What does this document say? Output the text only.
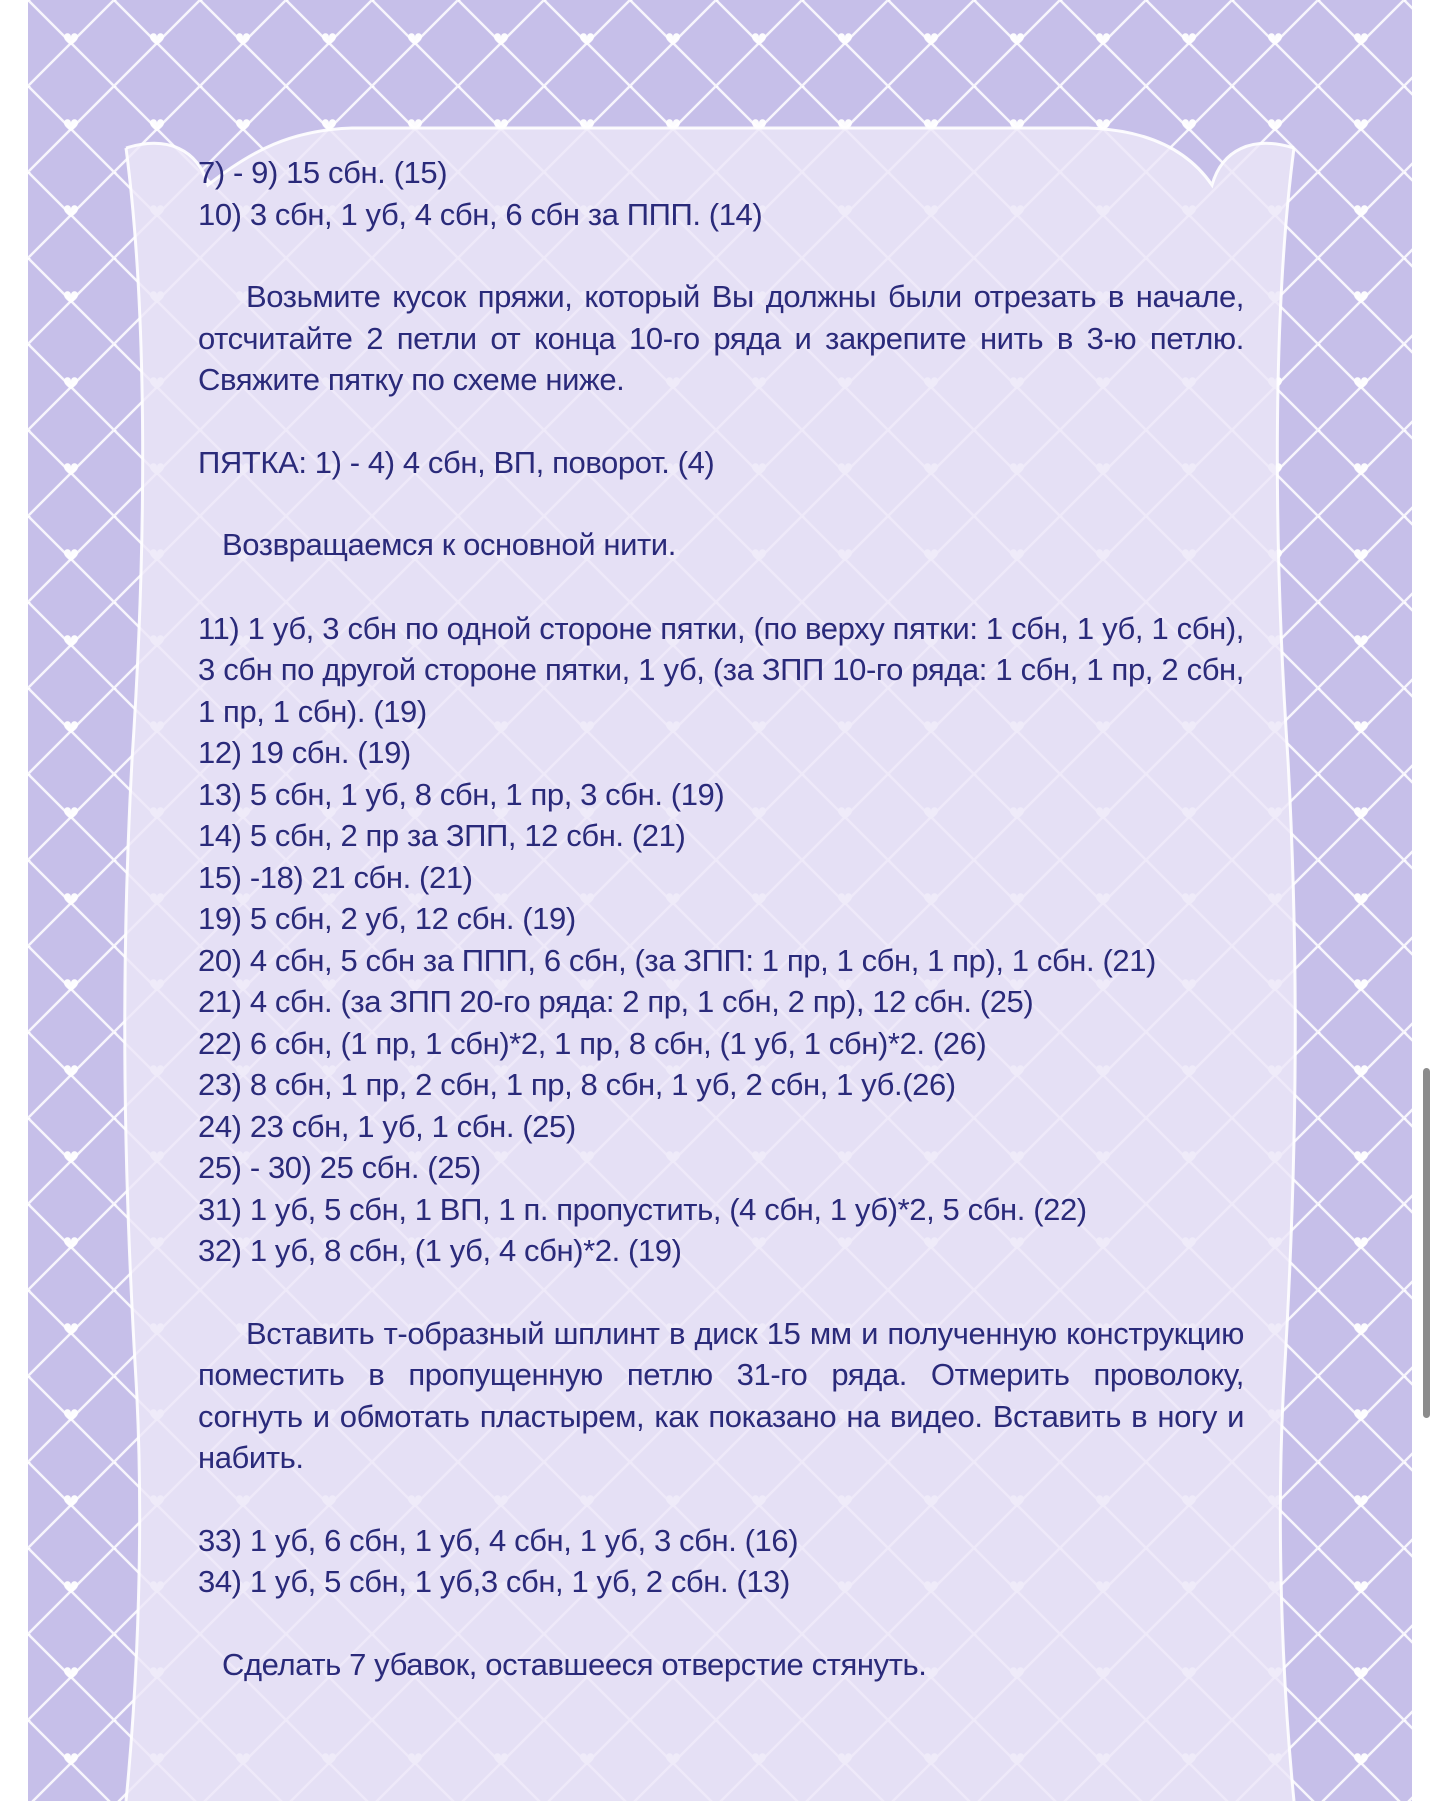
7) - 9) 15 сбн. (15)

10) 3 сбн, 1 уб, 4 сбн, 6 сбн за ППП. (14)

Возьмите кусок пряжи, который Вы должны были отрезать в начале, отсчитайте 2 петли от конца 10-го ряда и закрепите нить в 3-ю петлю. Свяжите пятку по схеме ниже.

ПЯТКА: 1) - 4) 4 сбн, ВП, поворот. (4)

Возвращаемся к основной нити.

11) 1 уб, 3 сбн по одной стороне пятки, (по верху пятки: 1 сбн, 1 уб, 1 сбн), 3 сбн по другой стороне пятки, 1 уб, (за ЗПП 10-го ряда: 1 сбн, 1 пр, 2 сбн, 1 пр, 1 сбн). (19)

12) 19 сбн. (19)

13) 5 сбн, 1 уб, 8 сбн, 1 пр, 3 сбн. (19)

14) 5 сбн, 2 пр за ЗПП, 12 сбн. (21)

15) -18) 21 сбн. (21)

19) 5 сбн, 2 уб, 12 сбн. (19)

20) 4 сбн, 5 сбн за ППП, 6 сбн, (за ЗПП: 1 пр, 1 сбн, 1 пр), 1 сбн. (21)

21) 4 сбн. (за ЗПП 20-го ряда: 2 пр, 1 сбн, 2 пр), 12 сбн. (25)

22) 6 сбн, (1 пр, 1 сбн)*2, 1 пр, 8 сбн, (1 уб, 1 сбн)*2. (26)

23) 8 сбн, 1 пр, 2 сбн, 1 пр, 8 сбн, 1 уб, 2 сбн, 1 уб.(26)

24) 23 сбн, 1 уб, 1 сбн. (25)

25) - 30) 25 сбн. (25)

31) 1 уб, 5 сбн, 1 ВП, 1 п. пропустить, (4 сбн, 1 уб)*2, 5 сбн. (22)

32) 1 уб, 8 сбн, (1 уб, 4 сбн)*2. (19)

Вставить т-образный шплинт в диск 15 мм и полученную конструкцию поместить в пропущенную петлю 31-го ряда. Отмерить проволоку, согнуть и обмотать пластырем, как показано на видео. Вставить в ногу и набить.

33) 1 уб, 6 сбн, 1 уб, 4 сбн, 1 уб, 3 сбн. (16)

34) 1 уб, 5 сбн, 1 уб,3 сбн, 1 уб, 2 сбн. (13)

Сделать 7 убавок, оставшееся отверстие стянуть.
